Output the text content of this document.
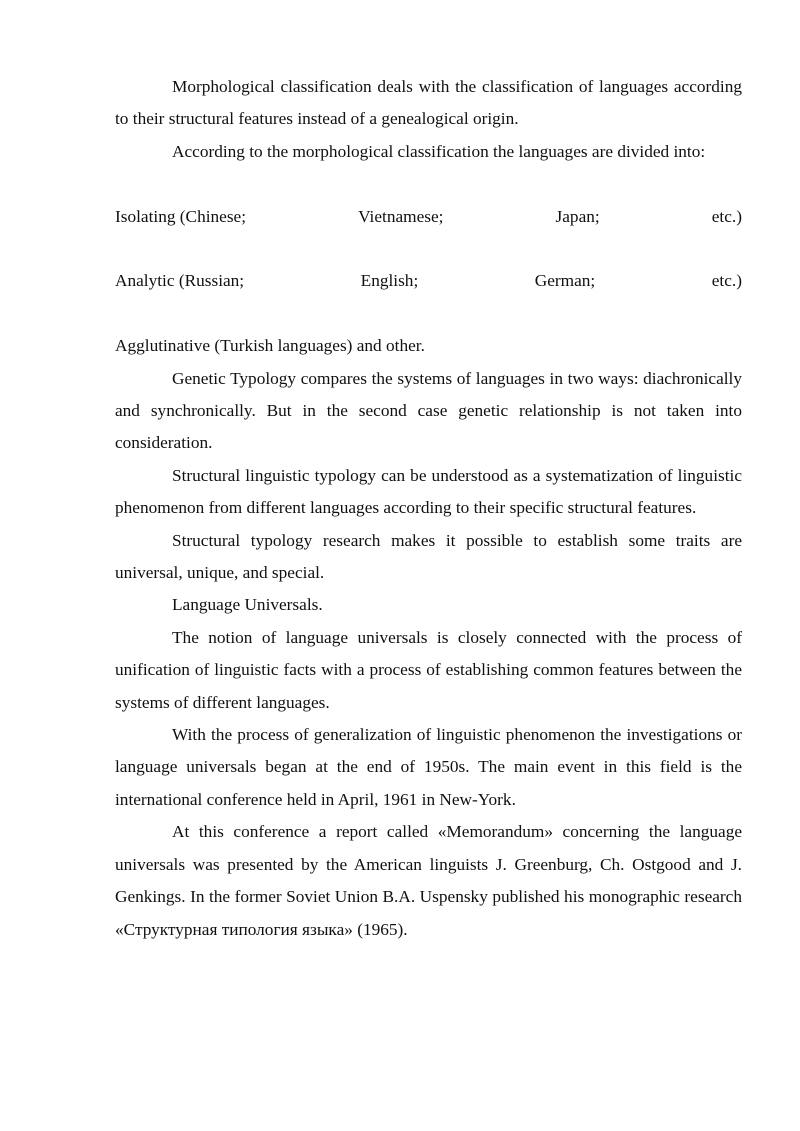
Morphological classification deals with the classification of languages according to their structural features instead of a genealogical origin.

According to the morphological classification the languages are divided into:

Isolating (Chinese;	Vietnamese;	Japan;	etc.)
Analytic (Russian;	English;	German;	etc.)

Agglutinative (Turkish languages) and other.

Genetic Typology compares the systems of languages in two ways: diachronically and synchronically. But in the second case genetic relationship is not taken into consideration.

Structural linguistic typology can be understood as a systematization of linguistic phenomenon from different languages according to their specific structural features.

Structural typology research makes it possible to establish some traits are universal, unique, and special.

Language Universals.

The notion of language universals is closely connected with the process of unification of linguistic facts with a process of establishing common features between the systems of different languages.

With the process of generalization of linguistic phenomenon the investigations or language universals began at the end of 1950s. The main event in this field is the international conference held in April, 1961 in New-York.

At this conference a report called «Memorandum» concerning the language universals was presented by the American linguists J. Greenburg, Ch. Ostgood and J. Genkings. In the former Soviet Union B.A. Uspensky published his monographic research «Структурная типология языка» (1965).
